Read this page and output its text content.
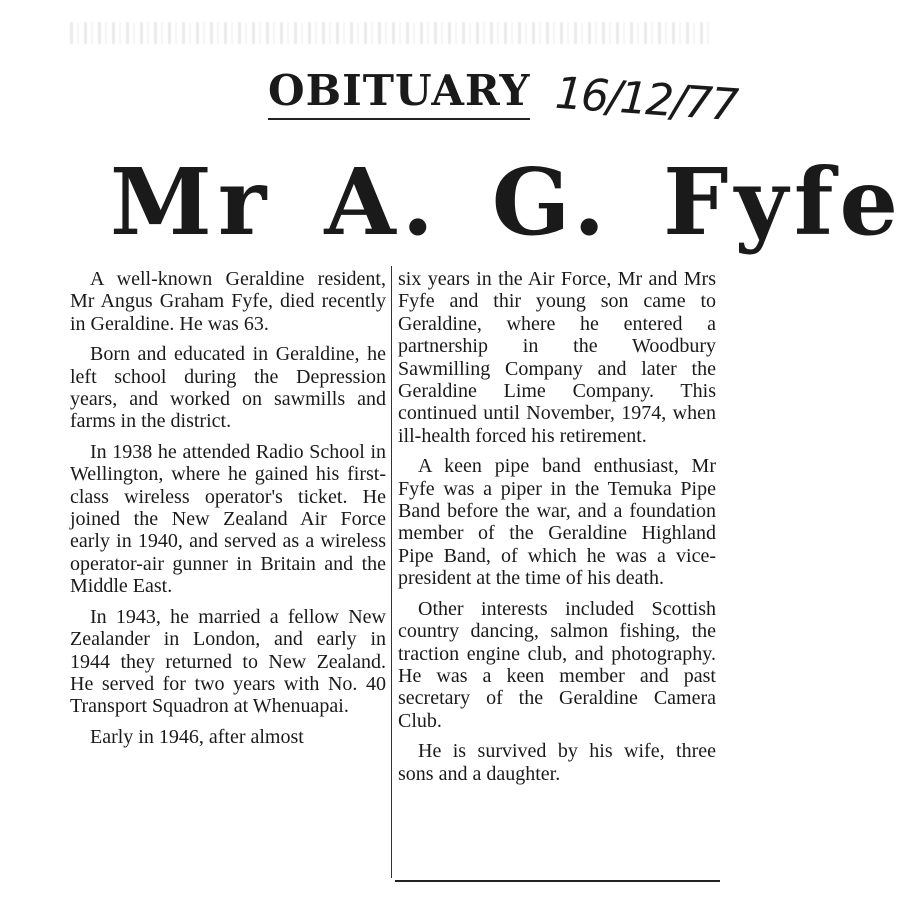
OBITUARY 16/12/77
Mr A. G. Fyfe

A well-known Geraldine resident, Mr Angus Graham Fyfe, died recently in Geraldine. He was 63.

Born and educated in Geraldine, he left school during the Depression years, and worked on sawmills and farms in the district.

In 1938 he attended Radio School in Wellington, where he gained his first-class wireless operator's ticket. He joined the New Zealand Air Force early in 1940, and served as a wireless operator-air gunner in Britain and the Middle East.

In 1943, he married a fellow New Zealander in London, and early in 1944 they returned to New Zealand. He served for two years with No. 40 Transport Squadron at Whenuapai.

Early in 1946, after almost

six years in the Air Force, Mr and Mrs Fyfe and thir young son came to Geraldine, where he entered a partnership in the Woodbury Sawmilling Company and later the Geraldine Lime Company. This continued until November, 1974, when ill-health forced his retirement.

A keen pipe band enthusiast, Mr Fyfe was a piper in the Temuka Pipe Band before the war, and a foundation member of the Geraldine Highland Pipe Band, of which he was a vice-president at the time of his death.

Other interests included Scottish country dancing, salmon fishing, the traction engine club, and photography. He was a keen member and past secretary of the Geraldine Camera Club.

He is survived by his wife, three sons and a daughter.
